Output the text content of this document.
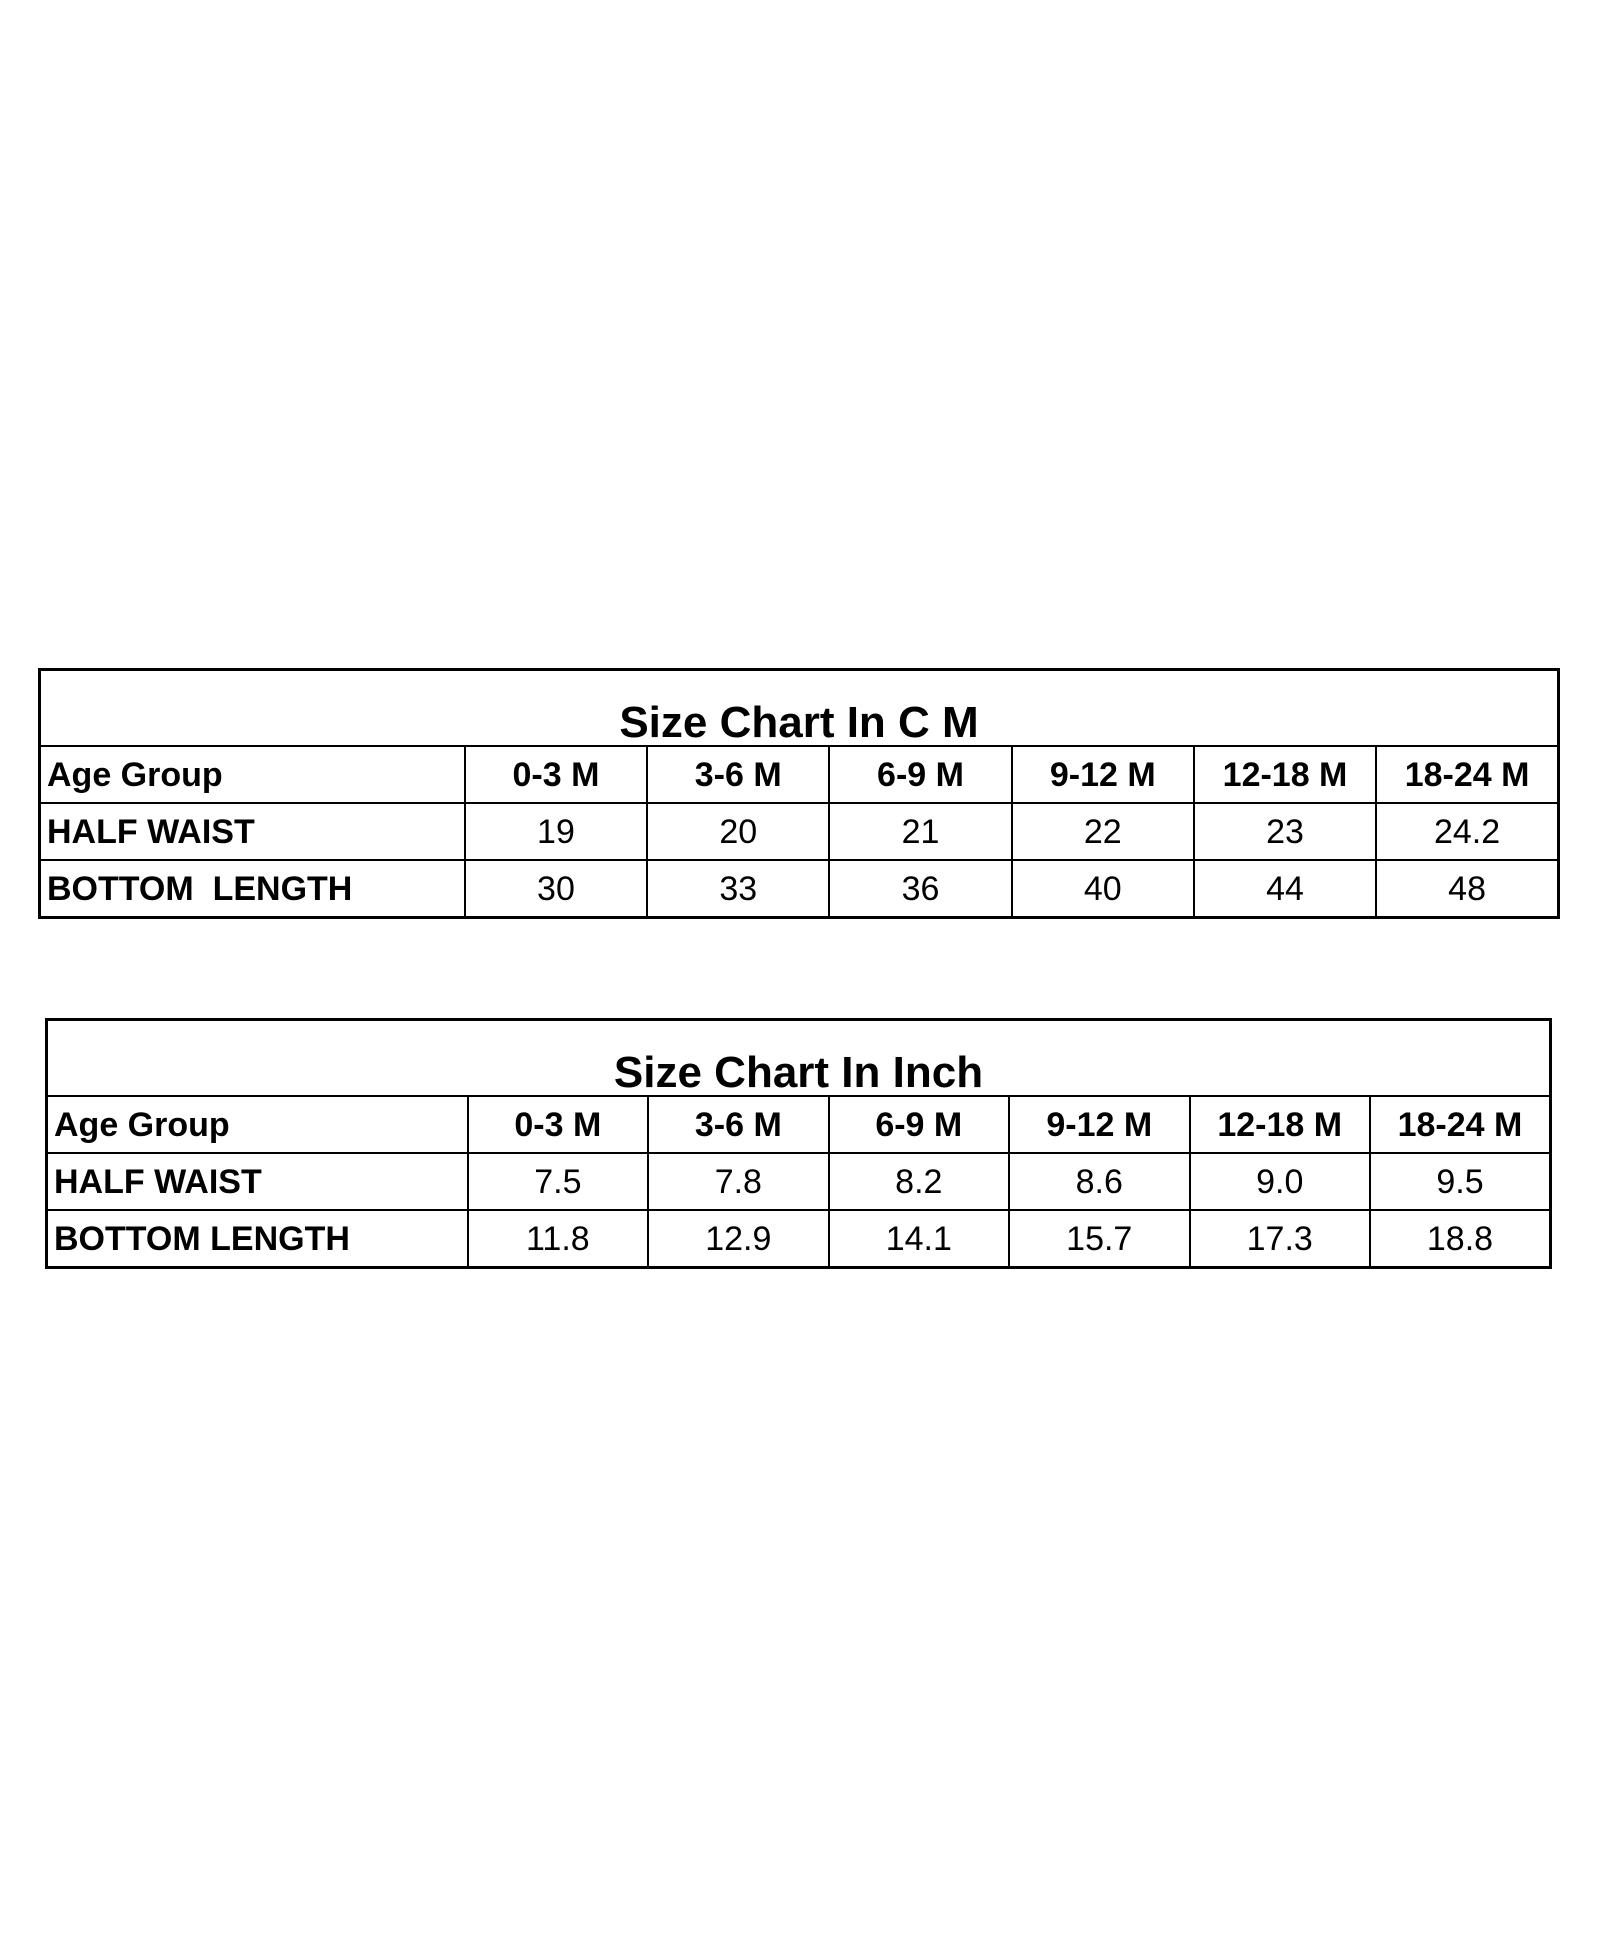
Size Chart In C M						
Age Group	0-3 M	3-6 M	6-9 M	9-12 M	12-18 M	18-24 M
HALF WAIST	19	20	21	22	23	24.2
BOTTOM  LENGTH	30	33	36	40	44	48
Size Chart In Inch						
Age Group	0-3 M	3-6 M	6-9 M	9-12 M	12-18 M	18-24 M
HALF WAIST	7.5	7.8	8.2	8.6	9.0	9.5
BOTTOM LENGTH	11.8	12.9	14.1	15.7	17.3	18.8
